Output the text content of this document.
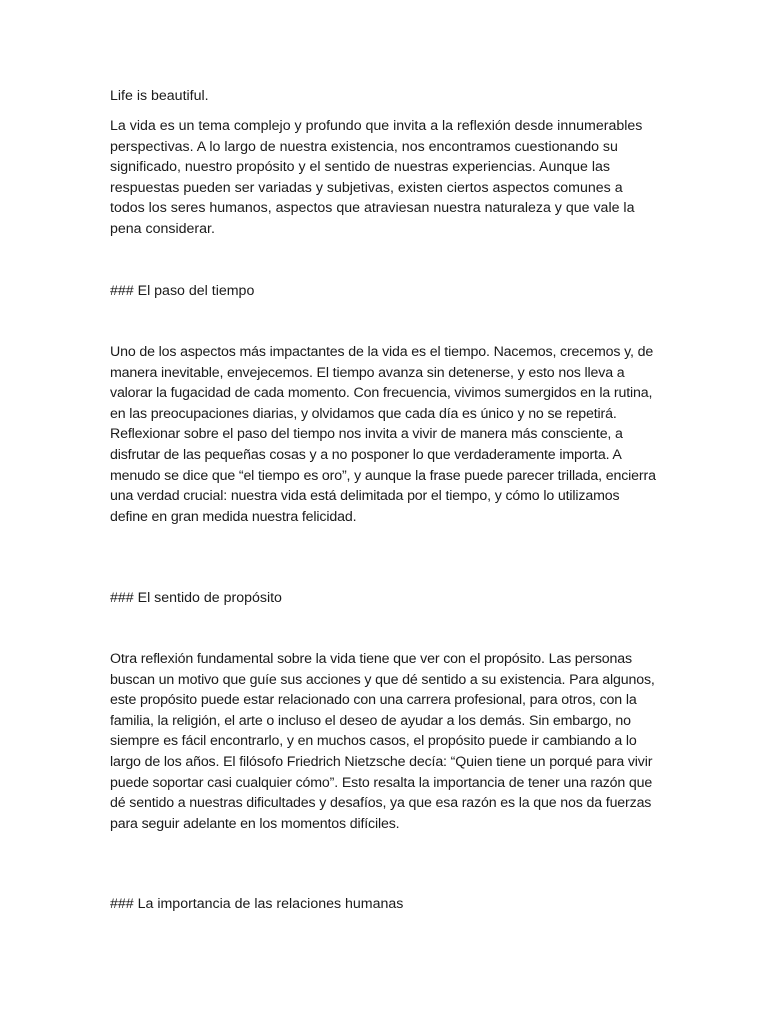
Life is beautiful.

La vida es un tema complejo y profundo que invita a la reflexión desde innumerables perspectivas. A lo largo de nuestra existencia, nos encontramos cuestionando su significado, nuestro propósito y el sentido de nuestras experiencias. Aunque las respuestas pueden ser variadas y subjetivas, existen ciertos aspectos comunes a todos los seres humanos, aspectos que atraviesan nuestra naturaleza y que vale la pena considerar.

### El paso del tiempo

Uno de los aspectos más impactantes de la vida es el tiempo. Nacemos, crecemos y, de manera inevitable, envejecemos. El tiempo avanza sin detenerse, y esto nos lleva a valorar la fugacidad de cada momento. Con frecuencia, vivimos sumergidos en la rutina, en las preocupaciones diarias, y olvidamos que cada día es único y no se repetirá. Reflexionar sobre el paso del tiempo nos invita a vivir de manera más consciente, a disfrutar de las pequeñas cosas y a no posponer lo que verdaderamente importa. A menudo se dice que “el tiempo es oro”, y aunque la frase puede parecer trillada, encierra una verdad crucial: nuestra vida está delimitada por el tiempo, y cómo lo utilizamos define en gran medida nuestra felicidad.

### El sentido de propósito

Otra reflexión fundamental sobre la vida tiene que ver con el propósito. Las personas buscan un motivo que guíe sus acciones y que dé sentido a su existencia. Para algunos, este propósito puede estar relacionado con una carrera profesional, para otros, con la familia, la religión, el arte o incluso el deseo de ayudar a los demás. Sin embargo, no siempre es fácil encontrarlo, y en muchos casos, el propósito puede ir cambiando a lo largo de los años. El filósofo Friedrich Nietzsche decía: “Quien tiene un porqué para vivir puede soportar casi cualquier cómo”. Esto resalta la importancia de tener una razón que dé sentido a nuestras dificultades y desafíos, ya que esa razón es la que nos da fuerzas para seguir adelante en los momentos difíciles.

### La importancia de las relaciones humanas
